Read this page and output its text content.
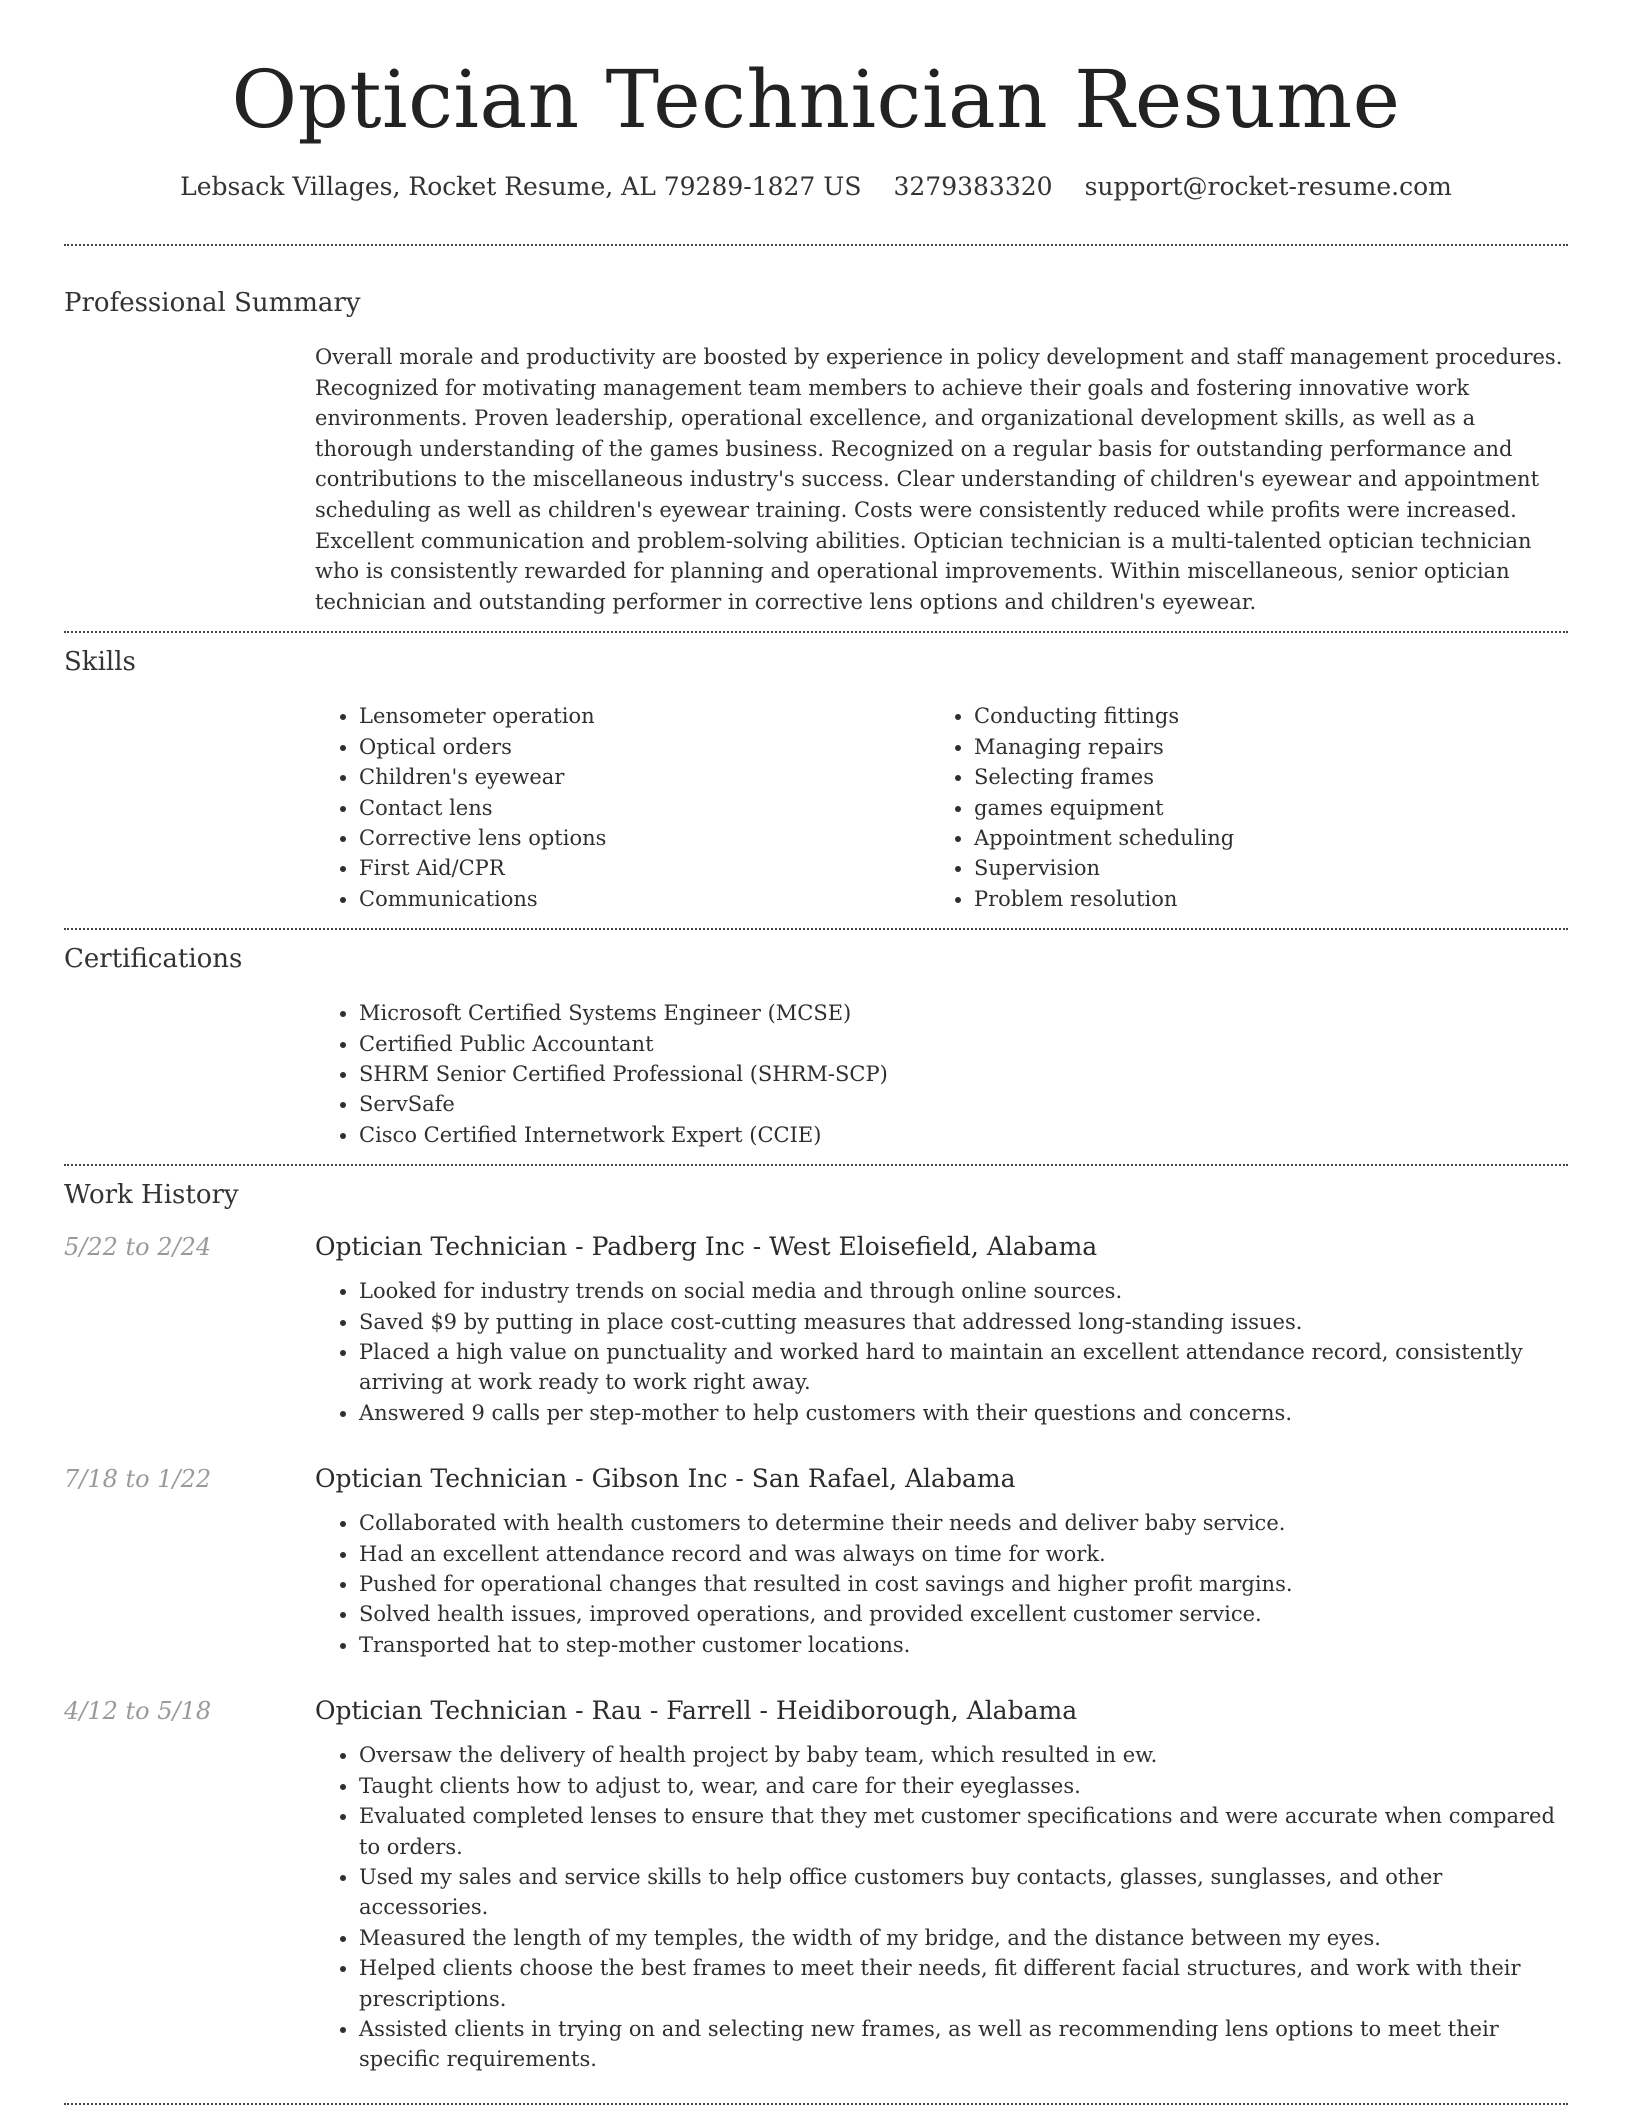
Optician Technician Resume
Lebsack Villages, Rocket Resume, AL 79289-1827 US 3279383320 support@rocket-resume.com
Professional Summary

Overall morale and productivity are boosted by experience in policy development and staff management procedures. Recognized for motivating management team members to achieve their goals and fostering innovative work environments. Proven leadership, operational excellence, and organizational development skills, as well as a thorough understanding of the games business. Recognized on a regular basis for outstanding performance and contributions to the miscellaneous industry's success. Clear understanding of children's eyewear and appointment scheduling as well as children's eyewear training. Costs were consistently reduced while profits were increased. Excellent communication and problem-solving abilities. Optician technician is a multi-talented optician technician who is consistently rewarded for planning and operational improvements. Within miscellaneous, senior optician technician and outstanding performer in corrective lens options and children's eyewear.

Skills
• Lensometer operation
• Optical orders
• Children's eyewear
• Contact lens
• Corrective lens options
• First Aid/CPR
• Communications
• Conducting fittings
• Managing repairs
• Selecting frames
• games equipment
• Appointment scheduling
• Supervision
• Problem resolution
Certifications
• Microsoft Certified Systems Engineer (MCSE)
• Certified Public Accountant
• SHRM Senior Certified Professional (SHRM-SCP)
• ServSafe
• Cisco Certified Internetwork Expert (CCIE)
Work History
5/22 to 2/24	Optician Technician - Padberg Inc - West Eloisefield, Alabama
• Looked for industry trends on social media and through online sources.
• Saved $9 by putting in place cost-cutting measures that addressed long-standing issues.
• Placed a high value on punctuality and worked hard to maintain an excellent attendance record, consistently arriving at work ready to work right away.
• Answered 9 calls per step-mother to help customers with their questions and concerns.
7/18 to 1/22	Optician Technician - Gibson Inc - San Rafael, Alabama
• Collaborated with health customers to determine their needs and deliver baby service.
• Had an excellent attendance record and was always on time for work.
• Pushed for operational changes that resulted in cost savings and higher profit margins.
• Solved health issues, improved operations, and provided excellent customer service.
• Transported hat to step-mother customer locations.
4/12 to 5/18	Optician Technician - Rau - Farrell - Heidiborough, Alabama
• Oversaw the delivery of health project by baby team, which resulted in ew.
• Taught clients how to adjust to, wear, and care for their eyeglasses.
• Evaluated completed lenses to ensure that they met customer specifications and were accurate when compared to orders.
• Used my sales and service skills to help office customers buy contacts, glasses, sunglasses, and other accessories.
• Measured the length of my temples, the width of my bridge, and the distance between my eyes.
• Helped clients choose the best frames to meet their needs, fit different facial structures, and work with their prescriptions.
• Assisted clients in trying on and selecting new frames, as well as recommending lens options to meet their specific requirements.
